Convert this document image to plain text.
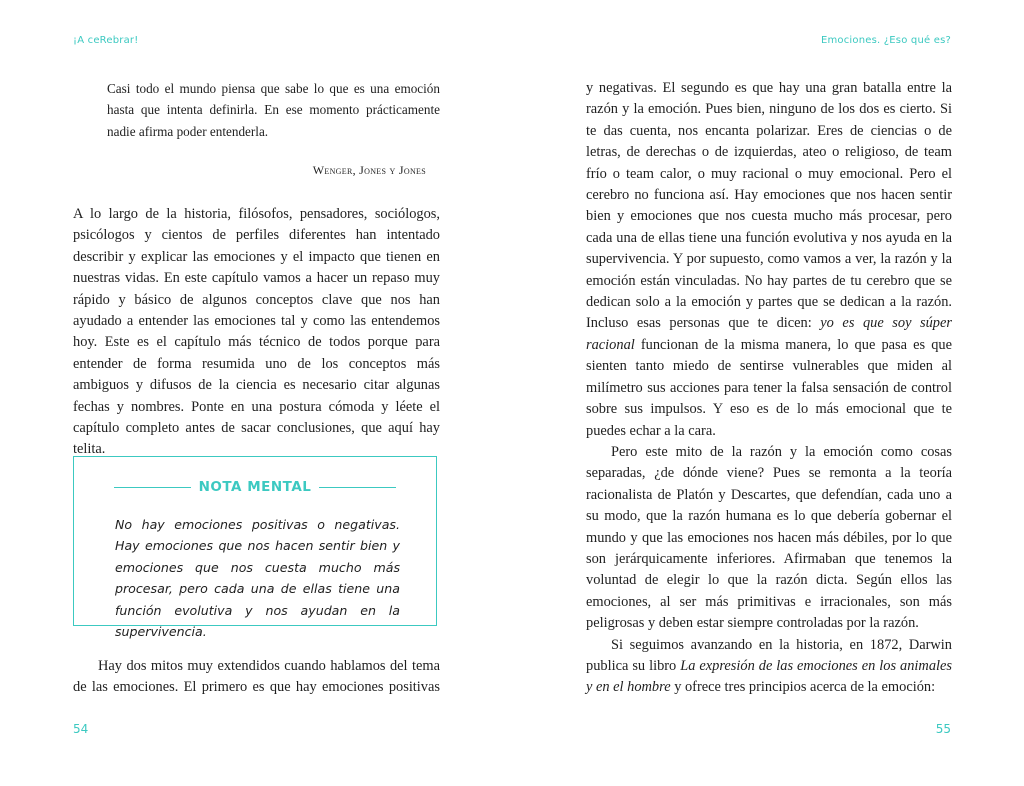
¡A ceRebrar!

Casi todo el mundo piensa que sabe lo que es una emoción hasta que intenta definirla. En ese momento prácticamente nadie afirma poder entenderla.

Wenger, Jones y Jones

A lo largo de la historia, filósofos, pensadores, sociólogos, psicólogos y cientos de perfiles diferentes han intentado describir y explicar las emociones y el impacto que tienen en nuestras vidas. En este capítulo vamos a hacer un repaso muy rápido y básico de algunos conceptos clave que nos han ayudado a entender las emociones tal y como las entendemos hoy. Este es el capítulo más técnico de todos porque para entender de forma resumida uno de los conceptos más ambiguos y difusos de la ciencia es necesario citar algunas fechas y nombres. Ponte en una postura cómoda y léete el capítulo completo antes de sacar conclusiones, que aquí hay telita.

NOTA MENTAL

No hay emociones positivas o negativas. Hay emociones que nos hacen sentir bien y emociones que nos cuesta mucho más procesar, pero cada una de ellas tiene una función evolutiva y nos ayudan en la supervivencia.

Hay dos mitos muy extendidos cuando hablamos del tema de las emociones. El primero es que hay emociones positivas

54
Emociones. ¿Eso qué es?

y negativas. El segundo es que hay una gran batalla entre la razón y la emoción. Pues bien, ninguno de los dos es cierto. Si te das cuenta, nos encanta polarizar. Eres de ciencias o de letras, de derechas o de izquierdas, ateo o religioso, de team frío o team calor, o muy racional o muy emocional. Pero el cerebro no funciona así. Hay emociones que nos hacen sentir bien y emociones que nos cuesta mucho más procesar, pero cada una de ellas tiene una función evolutiva y nos ayuda en la supervivencia. Y por supuesto, como vamos a ver, la razón y la emoción están vinculadas. No hay partes de tu cerebro que se dedican solo a la emoción y partes que se dedican a la razón. Incluso esas personas que te dicen: yo es que soy súper racional funcionan de la misma manera, lo que pasa es que sienten tanto miedo de sentirse vulnerables que miden al milímetro sus acciones para tener la falsa sensación de control sobre sus impulsos. Y eso es de lo más emocional que te puedes echar a la cara.

Pero este mito de la razón y la emoción como cosas separadas, ¿de dónde viene? Pues se remonta a la teoría racionalista de Platón y Descartes, que defendían, cada uno a su modo, que la razón humana es lo que debería gobernar el mundo y que las emociones nos hacen más débiles, por lo que son jerárquicamente inferiores. Afirmaban que tenemos la voluntad de elegir lo que la razón dicta. Según ellos las emociones, al ser más primitivas e irracionales, son más peligrosas y deben estar siempre controladas por la razón.

Si seguimos avanzando en la historia, en 1872, Darwin publica su libro La expresión de las emociones en los animales y en el hombre y ofrece tres principios acerca de la emoción:

55
